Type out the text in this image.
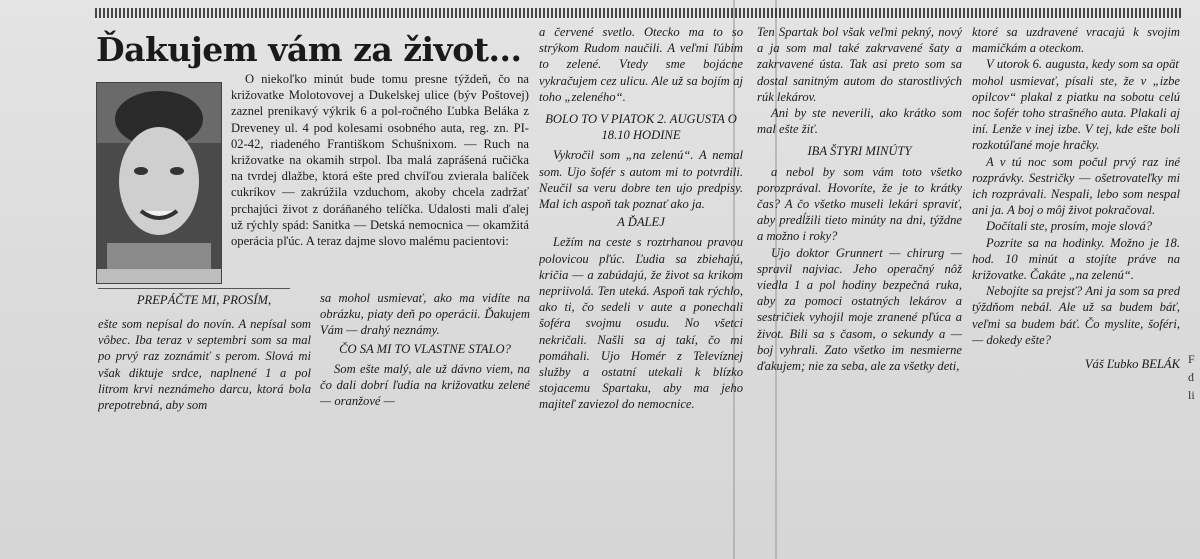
Ďakujem vám za život...

O niekoľko minút bude tomu presne týždeň, čo na križovatke Molotovovej a Dukelskej ulice (býv Poštovej) zaznel prenikavý výkrik 6 a pol-ročného Ľubka Beláka z Dreveney ul. 4 pod kolesami osobného auta, reg. zn. PI-02-42, riadeného Františkom Schušnixom. — Ruch na križovatke na okamih strpol. Iba malá zaprášená ručička na tvrdej dlažbe, ktorá ešte pred chvíľou zvierala balíček cukríkov — zakrúžila vzduchom, akoby chcela zadržať prchajúci život z doráňaného telíčka. Udalosti mali ďalej už rýchly spád: Sanitka — Detská nemocnica — okamžitá operácia pľúc. A teraz dajme slovo malému pacientovi:

PREPÁČTE MI, PROSÍM,

ešte som nepísal do novín. A nepísal som vôbec. Iba teraz v septembri som sa mal po prvý raz zoznámiť s perom. Slová mi však diktuje srdce, naplnené 1 a pol litrom krvi neznámeho darcu, ktorá bola prepotrebná, aby som

sa mohol usmievať, ako ma vidíte na obrázku, piaty deň po operácii. Ďakujem Vám — drahý neznámy.

ČO SA MI TO VLASTNE STALO?

Som ešte malý, ale už dávno viem, na čo dali dobrí ľudia na križovatku zelené — oranžové —

a červené svetlo. Otecko ma to so strýkom Rudom naučili. A veľmi ľúbim to zelené. Vtedy sme bojácne vykračujem cez ulicu. Ale už sa bojím aj toho „zeleného“.

BOLO TO V PIATOK 2. AUGUSTA O 18.10 HODINE

Vykročil som „na zelenú“. A nemal som. Ujo šofér s autom mi to potvrdili. Neučil sa veru dobre ten ujo predpisy. Mal ich aspoň tak poznať ako ja.

A ĎALEJ

Ležím na ceste s roztrhanou pravou polovicou pľúc. Ľudia sa zbiehajú, kričia — a zabúdajú, že život sa krikom nepriivolá. Ten uteká. Aspoň tak rýchlo, ako ti, čo sedeli v aute a ponechali šoféra svojmu osudu. No všetci nekričali. Našli sa aj takí, čo mi pomáhali. Ujo Homér z Televíznej služby a ostatní utekali k blízko stojacemu Spartaku, aby ma jeho majiteľ zaviezol do nemocnice.

Ten Spartak bol však veľmi pekný, nový a ja som mal také zakrvavené šaty a zakrvavené ústa. Tak asi preto som sa dostal sanitným autom do starostlivých rúk lekárov.

Ani by ste neverili, ako krátko som mal ešte žiť.

IBA ŠTYRI MINÚTY

a nebol by som vám toto všetko porozprával. Hovoríte, že je to krátky čas? A čo všetko museli lekári spraviť, aby predĺžili tieto minúty na dni, týždne a možno i roky?

Ujo doktor Grunnert — chirurg — spravil najviac. Jeho operačný nôž viedla 1 a pol hodiny bezpečná ruka, aby za pomoci ostatných lekárov a sestričiek vyhojil moje zranené pľúca a život. Bili sa s časom, o sekundy a — boj vyhrali. Zato všetko im nesmierne ďakujem; nie za seba, ale za všetky deti,

ktoré sa uzdravené vracajú k svojim mamičkám a oteckom.

V utorok 6. augusta, kedy som sa opäť mohol usmievať, písali ste, že v „izbe opilcov“ plakal z piatku na sobotu celú noc šofér toho strašného auta. Plakali aj iní. Lenže v inej izbe. V tej, kde ešte boli rozkotúľané moje hračky.

A v tú noc som počul prvý raz iné rozprávky. Sestričky — ošetrovateľky mi ich rozprávali. Nespali, lebo som nespal ani ja. A boj o môj život pokračoval.

Dočítali ste, prosím, moje slová?

Pozrite sa na hodinky. Možno je 18. hod. 10 minút a stojíte práve na križovatke. Čakáte „na zelenú“.

Nebojíte sa prejsť? Ani ja som sa pred týždňom nebál. Ale už sa budem báť, veľmi sa budem báť. Čo myslite, šoféri, — dokedy ešte?

Váš Ľubko BELÁK F d li
